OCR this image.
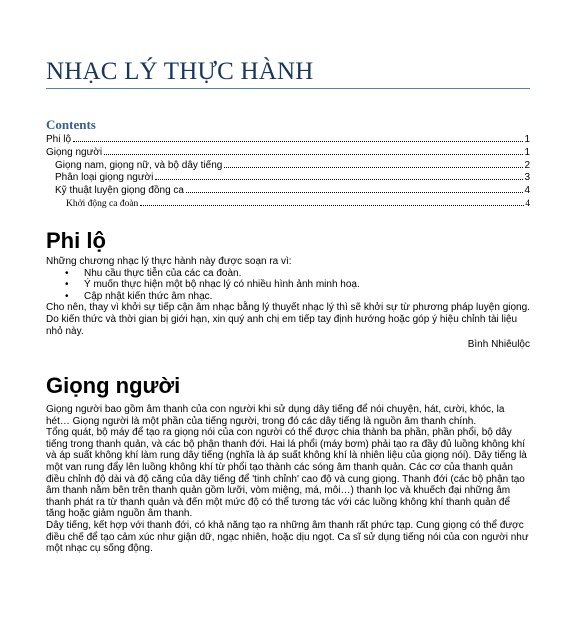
NHẠC LÝ THỰC HÀNH
Contents
Phi lộ	1
Giọng người	1
Giọng nam, giọng nữ, và bộ dây tiếng	2
Phân loại giọng người	3
Kỹ thuật luyện giọng đồng ca	4
Khởi động ca đoàn	4
Phi lộ

Những chương nhạc lý thực hành này được soạn ra vì:

• Nhu cầu thực tiễn của các ca đoàn.
• Ý muốn thực hiện một bộ nhạc lý có nhiều hình ảnh minh hoạ.
• Cập nhật kiến thức âm nhạc.

Cho nên, thay vì khởi sự tiếp cận âm nhạc bằng lý thuyết nhạc lý thì sẽ khởi sự từ phương pháp luyện giọng. Do kiến thức và thời gian bị giới hạn, xin quý anh chị em tiếp tay định hướng hoặc góp ý hiệu chỉnh tài liệu nhỏ này.

Bình Nhiêulộc

Giọng người

Giọng người bao gồm âm thanh của con người khi sử dụng dây tiếng để nói chuyện, hát, cười, khóc, la hét… Giọng người là một phần của tiếng người, trong đó các dây tiếng là nguồn âm thanh chính.

Tổng quát, bộ máy để tạo ra giọng nói của con người có thể được chia thành ba phần, phần phổi, bộ dây tiếng trong thanh quản, và các bộ phận thanh đới. Hai lá phổi (máy bơm) phải tạo ra đầy đủ luồng không khí và áp suất không khí làm rung dây tiếng (nghĩa là áp suất không khí là nhiên liệu của giọng nói). Dây tiếng là một van rung đẩy lên luồng không khí từ phổi tạo thành các sóng âm thanh quản. Các cơ của thanh quản điều chỉnh độ dài và độ căng của dây tiếng để 'tinh chỉnh' cao độ và cung giọng. Thanh đới (các bộ phận tạo âm thanh nằm bên trên thanh quản gồm lưỡi, vòm miệng, má, môi…) thanh lọc và khuếch đại những âm thanh phát ra từ thanh quản và đến một mức độ có thể tương tác với các luồng không khí thanh quản để tăng hoặc giảm nguồn âm thanh.

Dây tiếng, kết hợp với thanh đới, có khả năng tạo ra những âm thanh rất phức tạp. Cung giọng có thể được điều chế để tạo cảm xúc như giận dữ, ngạc nhiên, hoặc dịu ngọt. Ca sĩ sử dụng tiếng nói của con người như một nhạc cụ sống động.
